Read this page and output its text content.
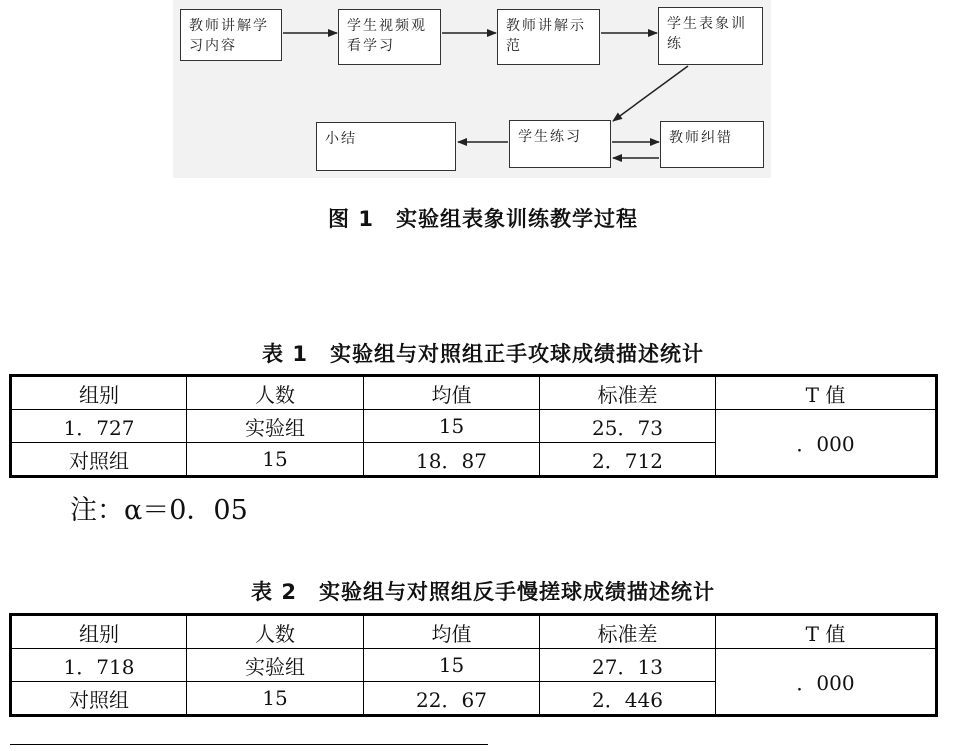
教师讲解学习内容
学生视频观看学习
教师讲解示范
学生表象训练
小结	学生练习	教师纠错
图 1　实验组表象训练教学过程
表 1　实验组与对照组正手攻球成绩描述统计
组别	人数	均值	标准差	T 值
1．727	实验组	15	25．73	．000
对照组	15	18．87	2．712	
注：α＝0．05
表 2　实验组与对照组反手慢搓球成绩描述统计
组别	人数	均值	标准差	T 值
1．718	实验组	15	27．13	．000
对照组	15	22．67	2．446	
